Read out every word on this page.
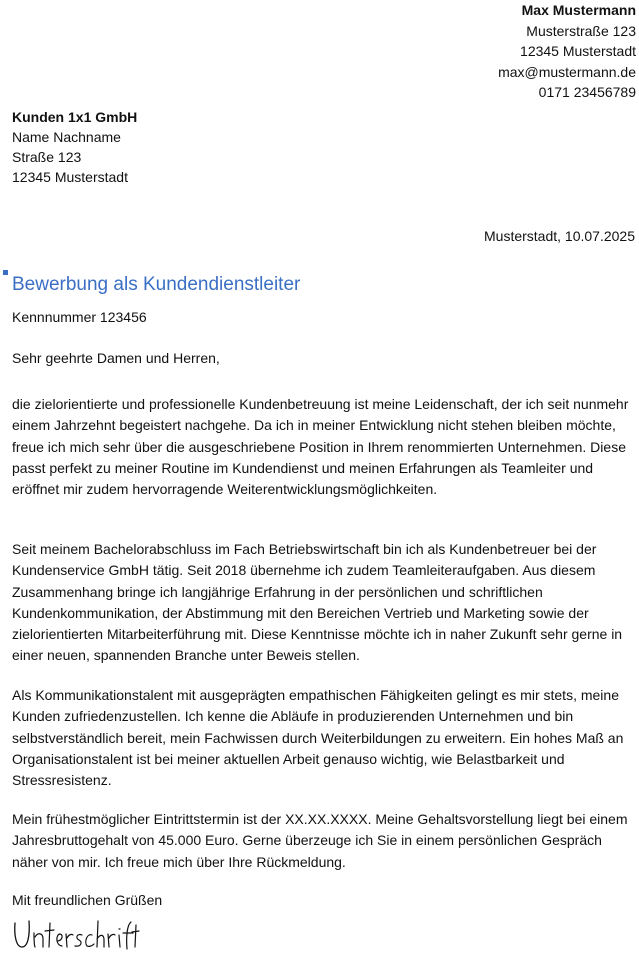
Max Mustermann
Musterstraße 123
12345 Musterstadt
max@mustermann.de
0171 23456789
Kunden 1x1 GmbH
Name Nachname
Straße 123
12345 Musterstadt
Musterstadt, 10.07.2025
Bewerbung als Kundendienstleiter
Kennnummer 123456
Sehr geehrte Damen und Herren,

die zielorientierte und professionelle Kundenbetreuung ist meine Leidenschaft, der ich seit nunmehr einem Jahrzehnt begeistert nachgehe. Da ich in meiner Entwicklung nicht stehen bleiben möchte, freue ich mich sehr über die ausgeschriebene Position in Ihrem renommierten Unternehmen. Diese passt perfekt zu meiner Routine im Kundendienst und meinen Erfahrungen als Teamleiter und eröffnet mir zudem hervorragende Weiterentwicklungsmöglichkeiten.

Seit meinem Bachelorabschluss im Fach Betriebswirtschaft bin ich als Kundenbetreuer bei der Kundenservice GmbH tätig. Seit 2018 übernehme ich zudem Teamleiteraufgaben. Aus diesem Zusammenhang bringe ich langjährige Erfahrung in der persönlichen und schriftlichen Kundenkommunikation, der Abstimmung mit den Bereichen Vertrieb und Marketing sowie der zielorientierten Mitarbeiterführung mit. Diese Kenntnisse möchte ich in naher Zukunft sehr gerne in einer neuen, spannenden Branche unter Beweis stellen.

Als Kommunikationstalent mit ausgeprägten empathischen Fähigkeiten gelingt es mir stets, meine Kunden zufriedenzustellen. Ich kenne die Abläufe in produzierenden Unternehmen und bin selbstverständlich bereit, mein Fachwissen durch Weiterbildungen zu erweitern. Ein hohes Maß an Organisationstalent ist bei meiner aktuellen Arbeit genauso wichtig, wie Belastbarkeit und Stressresistenz.

Mein frühestmöglicher Eintrittstermin ist der XX.XX.XXXX. Meine Gehaltsvorstellung liegt bei einem Jahresbruttogehalt von 45.000 Euro. Gerne überzeuge ich Sie in einem persönlichen Gespräch näher von mir. Ich freue mich über Ihre Rückmeldung.

Mit freundlichen Grüßen
